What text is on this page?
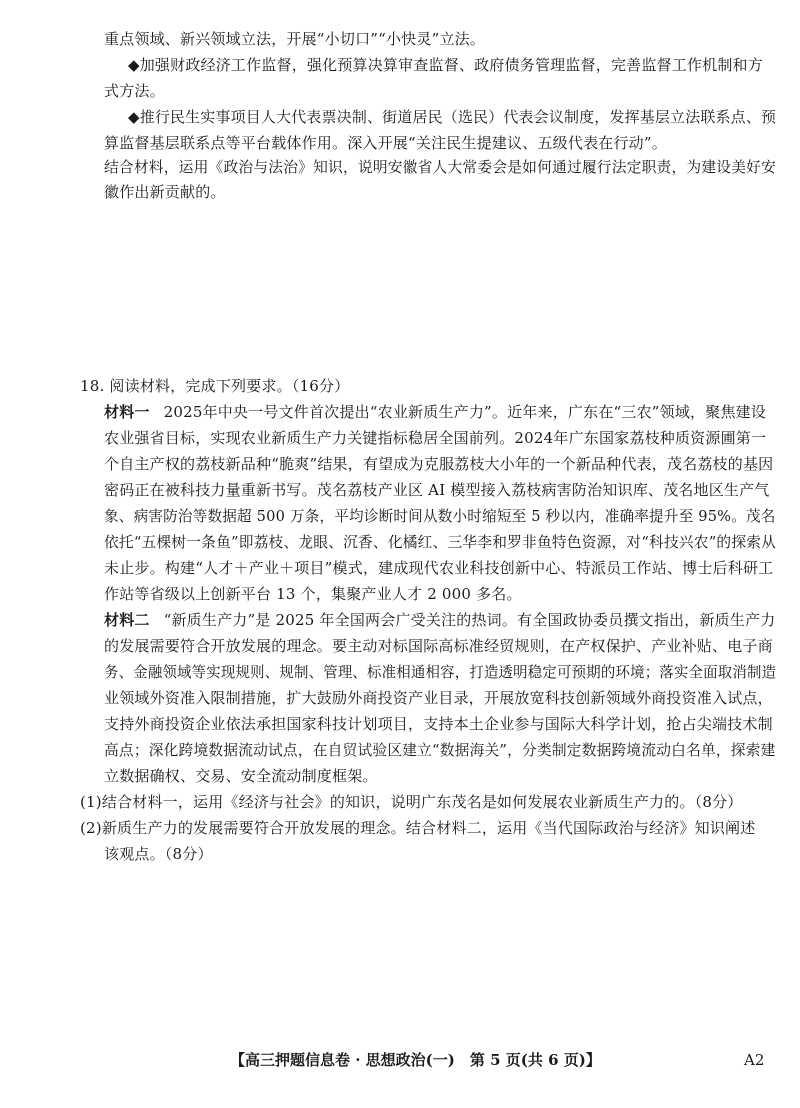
重点领域、新兴领域立法，开展“小切口”“小快灵”立法。
◆加强财政经济工作监督，强化预算决算审查监督、政府债务管理监督，完善监督工作机制和方
式方法。
◆推行民生实事项目人大代表票决制、街道居民（选民）代表会议制度，发挥基层立法联系点、预
算监督基层联系点等平台载体作用。深入开展“关注民生提建议、五级代表在行动”。
结合材料，运用《政治与法治》知识，说明安徽省人大常委会是如何通过履行法定职责，为建设美好安
徽作出新贡献的。
18. 阅读材料，完成下列要求。（16分）
材料一 2025年中央一号文件首次提出“农业新质生产力”。近年来，广东在“三农”领域，聚焦建设
农业强省目标，实现农业新质生产力关键指标稳居全国前列。2024年广东国家荔枝种质资源圃第一
个自主产权的荔枝新品种“脆爽”结果，有望成为克服荔枝大小年的一个新品种代表，茂名荔枝的基因
密码正在被科技力量重新书写。茂名荔枝产业区 AI 模型接入荔枝病害防治知识库、茂名地区生产气
象、病害防治等数据超 500 万条，平均诊断时间从数小时缩短至 5 秒以内，准确率提升至 95%。茂名
依托“五棵树一条鱼”即荔枝、龙眼、沉香、化橘红、三华李和罗非鱼特色资源，对“科技兴农”的探索从
未止步。构建“人才＋产业＋项目”模式，建成现代农业科技创新中心、特派员工作站、博士后科研工
作站等省级以上创新平台 13 个，集聚产业人才 2 000 多名。
材料二 “新质生产力”是 2025 年全国两会广受关注的热词。有全国政协委员撰文指出，新质生产力
的发展需要符合开放发展的理念。要主动对标国际高标准经贸规则，在产权保护、产业补贴、电子商
务、金融领域等实现规则、规制、管理、标准相通相容，打造透明稳定可预期的环境；落实全面取消制造
业领域外资准入限制措施，扩大鼓励外商投资产业目录，开展放宽科技创新领域外商投资准入试点，
支持外商投资企业依法承担国家科技计划项目，支持本土企业参与国际大科学计划，抢占尖端技术制
高点；深化跨境数据流动试点，在自贸试验区建立“数据海关”，分类制定数据跨境流动白名单，探索建
立数据确权、交易、安全流动制度框架。
(1)结合材料一，运用《经济与社会》的知识，说明广东茂名是如何发展农业新质生产力的。（8分）
(2)新质生产力的发展需要符合开放发展的理念。结合材料二，运用《当代国际政治与经济》知识阐述
该观点。（8分）
【高三押题信息卷 · 思想政治(一)　第 5 页(共 6 页)】	A2
